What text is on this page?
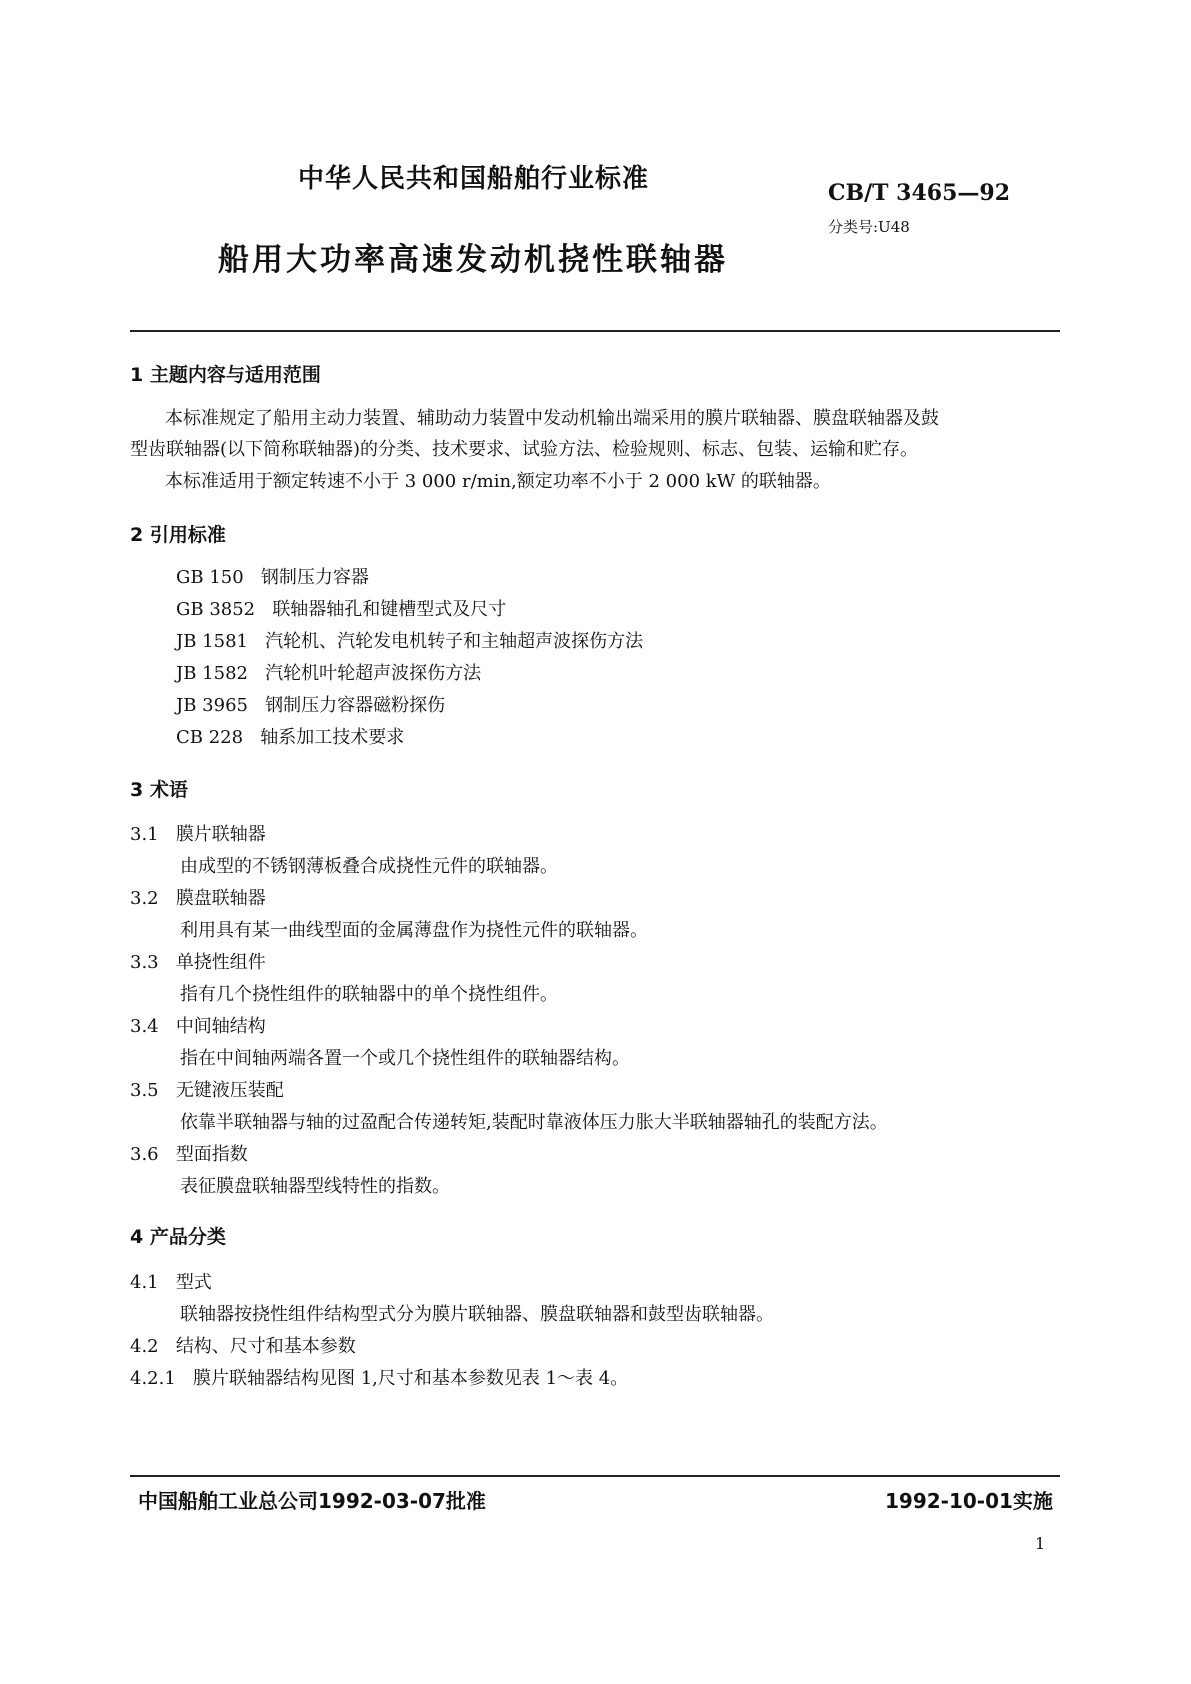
中华人民共和国船舶行业标准	CB/T 3465—92
分类号:U48
船用大功率高速发动机挠性联轴器
1 主题内容与适用范围
本标准规定了船用主动力装置、辅助动力装置中发动机输出端采用的膜片联轴器、膜盘联轴器及鼓
型齿联轴器(以下简称联轴器)的分类、技术要求、试验方法、检验规则、标志、包装、运输和贮存。
本标准适用于额定转速不小于 3 000 r/min,额定功率不小于 2 000 kW 的联轴器。
2 引用标准
GB 150 钢制压力容器
GB 3852 联轴器轴孔和键槽型式及尺寸
JB 1581 汽轮机、汽轮发电机转子和主轴超声波探伤方法
JB 1582 汽轮机叶轮超声波探伤方法
JB 3965 钢制压力容器磁粉探伤
CB 228 轴系加工技术要求
3 术语
3.1 膜片联轴器
由成型的不锈钢薄板叠合成挠性元件的联轴器。
3.2 膜盘联轴器
利用具有某一曲线型面的金属薄盘作为挠性元件的联轴器。
3.3 单挠性组件
指有几个挠性组件的联轴器中的单个挠性组件。
3.4 中间轴结构
指在中间轴两端各置一个或几个挠性组件的联轴器结构。
3.5 无键液压装配
依靠半联轴器与轴的过盈配合传递转矩,装配时靠液体压力胀大半联轴器轴孔的装配方法。
3.6 型面指数
表征膜盘联轴器型线特性的指数。
4 产品分类
4.1 型式
联轴器按挠性组件结构型式分为膜片联轴器、膜盘联轴器和鼓型齿联轴器。
4.2 结构、尺寸和基本参数
4.2.1 膜片联轴器结构见图 1,尺寸和基本参数见表 1～表 4。
中国船舶工业总公司1992-03-07批准	1992-10-01实施
1
